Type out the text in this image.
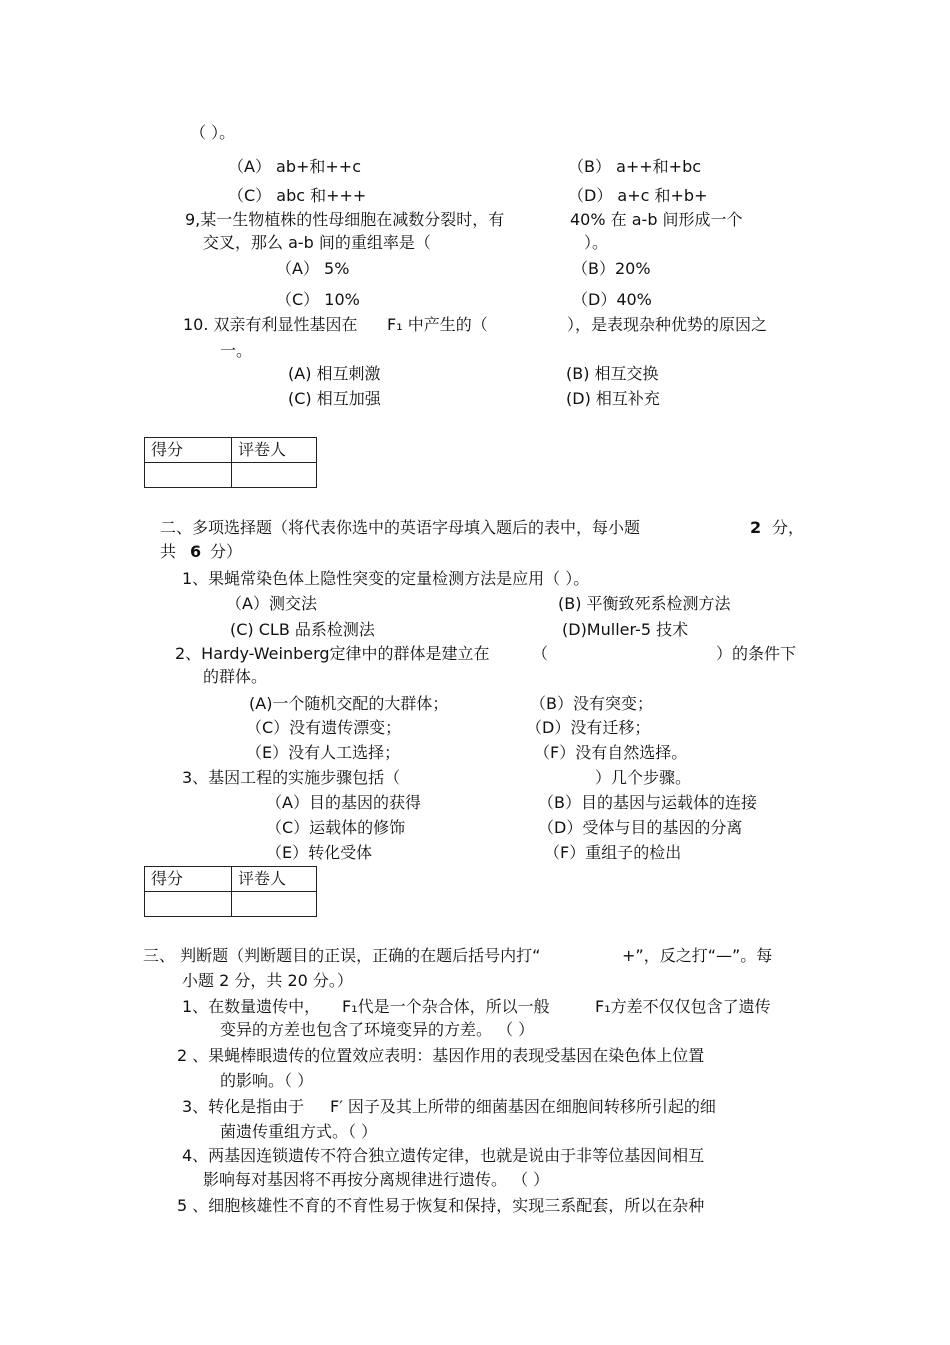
（ ）。
（A） ab+和++c	（B） a++和+bc
（C） abc 和+++	（D） a+c 和+b+
9,某一生物植株的性母细胞在减数分裂时，有	40% 在 a-b 间形成一个
交叉，那么 a-b 间的重组率是（	）。
（A） 5%	（B）20%
（C） 10%	（D）40%
10. 双亲有利显性基因在 F₁ 中产生的（	），是表现杂种优势的原因之
一。
(A) 相互刺激	(B) 相互交换
(C) 相互加强	(D) 相互补充
得分	评卷人

二、多项选择题（将代表你选中的英语字母填入题后的表中，每小题	2 分，
共 6 分）
1、果蝇常染色体上隐性突变的定量检测方法是应用（ ）。
（A）测交法	(B) 平衡致死系检测方法
(C) CLB 品系检测法	(D)Muller-5 技术
2、Hardy-Weinberg定律中的群体是建立在	（	）的条件下
的群体。
(A)一个随机交配的大群体；	（B）没有突变；
（C）没有遗传漂变；	（D）没有迁移；
（E）没有人工选择；	（F）没有自然选择。
3、基因工程的实施步骤包括（	）几个步骤。
（A）目的基因的获得	（B）目的基因与运载体的连接
（C）运载体的修饰	（D）受体与目的基因的分离
（E）转化受体	（F）重组子的检出
得分	评卷人

三、 判断题（判断题目的正误，正确的在题后括号内打“	+”，反之打“—”。每
小题 2 分，共 20 分。）
1、在数量遗传中， F₁代是一个杂合体，所以一般	F₁方差不仅仅包含了遗传
变异的方差也包含了环境变异的方差。 （ ）
2 、果蝇棒眼遗传的位置效应表明：基因作用的表现受基因在染色体上位置
的影响。（ ）
3、转化是指由于 F′ 因子及其上所带的细菌基因在细胞间转移所引起的细
菌遗传重组方式。（ ）
4、两基因连锁遗传不符合独立遗传定律，也就是说由于非等位基因间相互
影响每对基因将不再按分离规律进行遗传。 （ ）
5 、细胞核雄性不育的不育性易于恢复和保持，实现三系配套，所以在杂种
